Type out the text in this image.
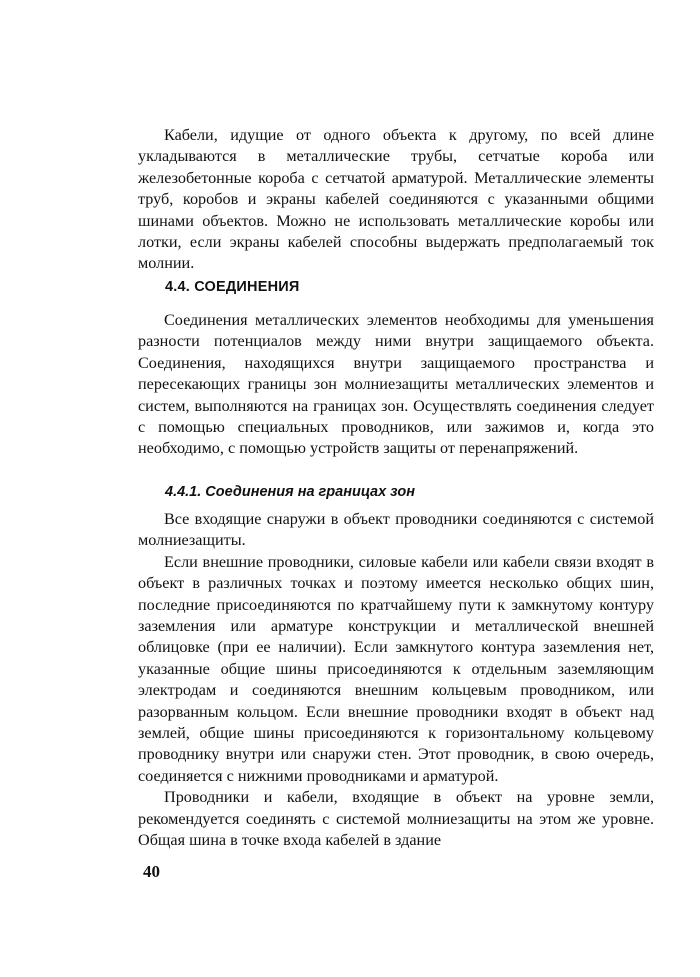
Кабели, идущие от одного объекта к другому, по всей длине укладываются в металлические трубы, сетчатые короба или железобетонные короба с сетчатой арматурой. Металлические элементы труб, коробов и экраны кабелей соединяются с указанными общими шинами объектов. Можно не использовать металлические коробы или лотки, если экраны кабелей способны выдержать предполагаемый ток молнии.

4.4. СОЕДИНЕНИЯ

Соединения металлических элементов необходимы для уменьшения разности потенциалов между ними внутри защищаемого объекта. Соединения, находящихся внутри защищаемого пространства и пересекающих границы зон молниезащиты металлических элементов и систем, выполняются на границах зон. Осуществлять соединения следует с помощью специальных проводников, или зажимов и, когда это необходимо, с помощью устройств защиты от перенапряжений.

4.4.1. Соединения на границах зон

Все входящие снаружи в объект проводники соединяются с системой молниезащиты.

Если внешние проводники, силовые кабели или кабели связи входят в объект в различных точках и поэтому имеется несколько общих шин, последние присоединяются по кратчайшему пути к замкнутому контуру заземления или арматуре конструкции и металлической внешней облицовке (при ее наличии). Если замкнутого контура заземления нет, указанные общие шины присоединяются к отдельным заземляющим электродам и соединяются внешним кольцевым проводником, или разорванным кольцом. Если внешние проводники входят в объект над землей, общие шины присоединяются к горизонтальному кольцевому проводнику внутри или снаружи стен. Этот проводник, в свою очередь, соединяется с нижними проводниками и арматурой.

Проводники и кабели, входящие в объект на уровне земли, рекомендуется соединять с системой молниезащиты на этом же уровне. Общая шина в точке входа кабелей в здание

40
